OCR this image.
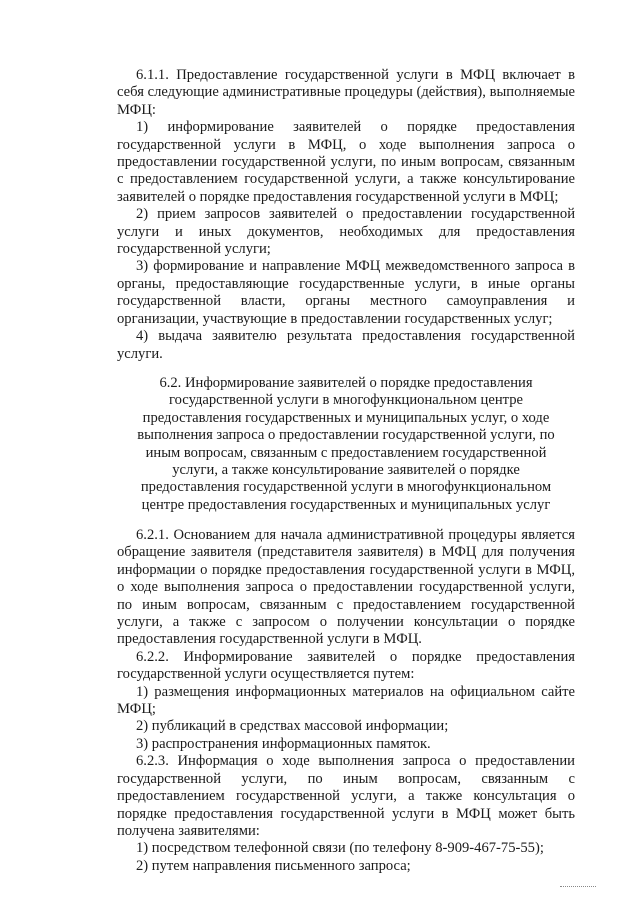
6.1.1. Предоставление государственной услуги в МФЦ включает в себя следующие административные процедуры (действия), выполняемые МФЦ:

1) информирование заявителей о порядке предоставления государственной услуги в МФЦ, о ходе выполнения запроса о предоставлении государственной услуги, по иным вопросам, связанным с предоставлением государственной услуги, а также консультирование заявителей о порядке предоставления государственной услуги в МФЦ;

2) прием запросов заявителей о предоставлении государственной услуги и иных документов, необходимых для предоставления государственной услуги;

3) формирование и направление МФЦ межведомственного запроса в органы, предоставляющие государственные услуги, в иные органы государственной власти, органы местного самоуправления и организации, участвующие в предоставлении государственных услуг;

4) выдача заявителю результата предоставления государственной услуги.

6.2. Информирование заявителей о порядке предоставления государственной услуги в многофункциональном центре предоставления государственных и муниципальных услуг, о ходе выполнения запроса о предоставлении государственной услуги, по иным вопросам, связанным с предоставлением государственной услуги, а также консультирование заявителей о порядке предоставления государственной услуги в многофункциональном центре предоставления государственных и муниципальных услуг

6.2.1. Основанием для начала административной процедуры является обращение заявителя (представителя заявителя) в МФЦ для получения информации о порядке предоставления государственной услуги в МФЦ, о ходе выполнения запроса о предоставлении государственной услуги, по иным вопросам, связанным с предоставлением государственной услуги, а также с запросом о получении консультации о порядке предоставления государственной услуги в МФЦ.

6.2.2. Информирование заявителей о порядке предоставления государственной услуги осуществляется путем:

1) размещения информационных материалов на официальном сайте МФЦ;

2) публикаций в средствах массовой информации;

3) распространения информационных памяток.

6.2.3. Информация о ходе выполнения запроса о предоставлении государственной услуги, по иным вопросам, связанным с предоставлением государственной услуги, а также консультация о порядке предоставления государственной услуги в МФЦ может быть получена заявителями:

1) посредством телефонной связи (по телефону 8-909-467-75-55);

2) путем направления письменного запроса;
